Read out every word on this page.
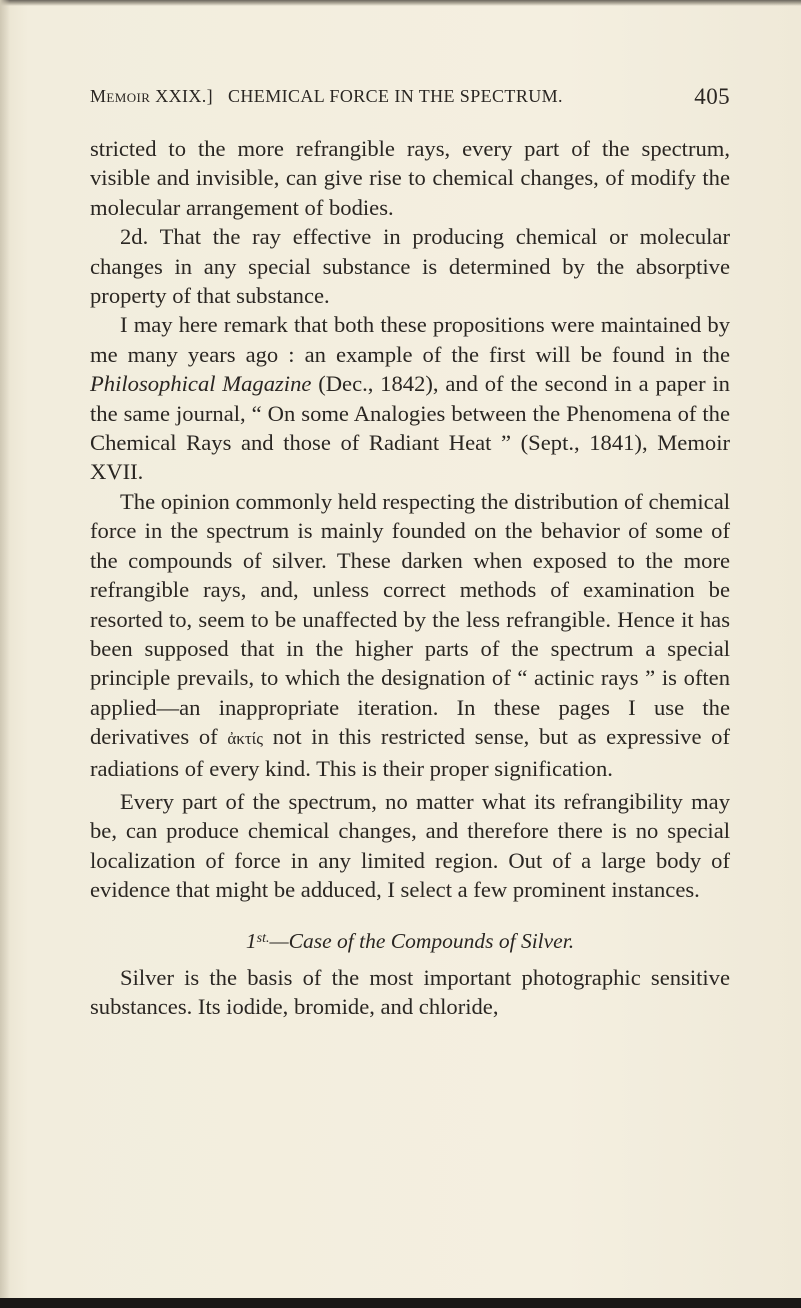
Memoir XXIX.] CHEMICAL FORCE IN THE SPECTRUM.	405

stricted to the more refrangible rays, every part of the spectrum, visible and invisible, can give rise to chemical changes, of modify the molecular arrangement of bodies.

2d. That the ray effective in producing chemical or molecular changes in any special substance is determined by the absorptive property of that substance.

I may here remark that both these propositions were maintained by me many years ago : an example of the first will be found in the Philosophical Magazine (Dec., 1842), and of the second in a paper in the same journal, “ On some Analogies between the Phenomena of the Chemical Rays and those of Radiant Heat ” (Sept., 1841), Memoir XVII.

The opinion commonly held respecting the distribution of chemical force in the spectrum is mainly founded on the behavior of some of the compounds of silver. These darken when exposed to the more refrangible rays, and, unless correct methods of examination be resorted to, seem to be unaffected by the less refrangible. Hence it has been supposed that in the higher parts of the spectrum a special principle prevails, to which the designation of “ actinic rays ” is often applied—an inappropriate iteration. In these pages I use the derivatives of ἀκτίς not in this restricted sense, but as expressive of radiations of every kind. This is their proper signification.

Every part of the spectrum, no matter what its refrangibility may be, can produce chemical changes, and therefore there is no special localization of force in any limited region. Out of a large body of evidence that might be adduced, I select a few prominent instances.

$1^{st.}—Case$ of the Compounds of Silver.

Silver is the basis of the most important photographic sensitive substances. Its iodide, bromide, and chloride,
